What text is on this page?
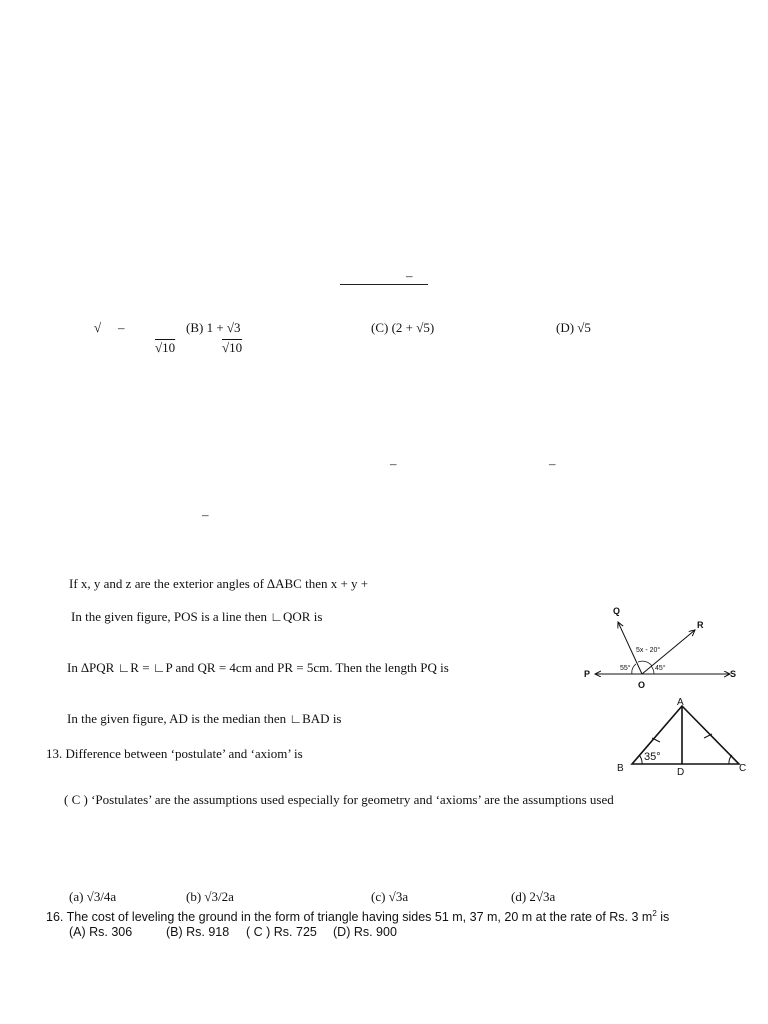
–
√ –	(B) 1 + √3	(C) (2 + √5)	(D) √5
√10	√10
–	–
–
If x, y and z are the exterior angles of ∆ABC then x + y +
In the given figure, POS is a line then ∟QOR is
In ∆PQR ∟R = ∟P and QR = 4cm and PR = 5cm. Then the length PQ is
In the given figure, AD is the median then ∟BAD is
13. Difference between ‘postulate’ and ‘axiom’ is
( C ) ‘Postulates’ are the assumptions used especially for geometry and ‘axioms’ are the assumptions used
(a) √3/4a	(b) √3/2a	(c) √3a	(d) 2√3a
16. The cost of leveling the ground in the form of triangle having sides 51 m, 37 m, 20 m at the rate of Rs. 3 $m^2$ is
(A) Rs. 306	(B) Rs. 918 ( C ) Rs. 725 (D) Rs. 900
Q
R
P	S
O
5x - 20°
55°	45°
A
B	C
D
35°
